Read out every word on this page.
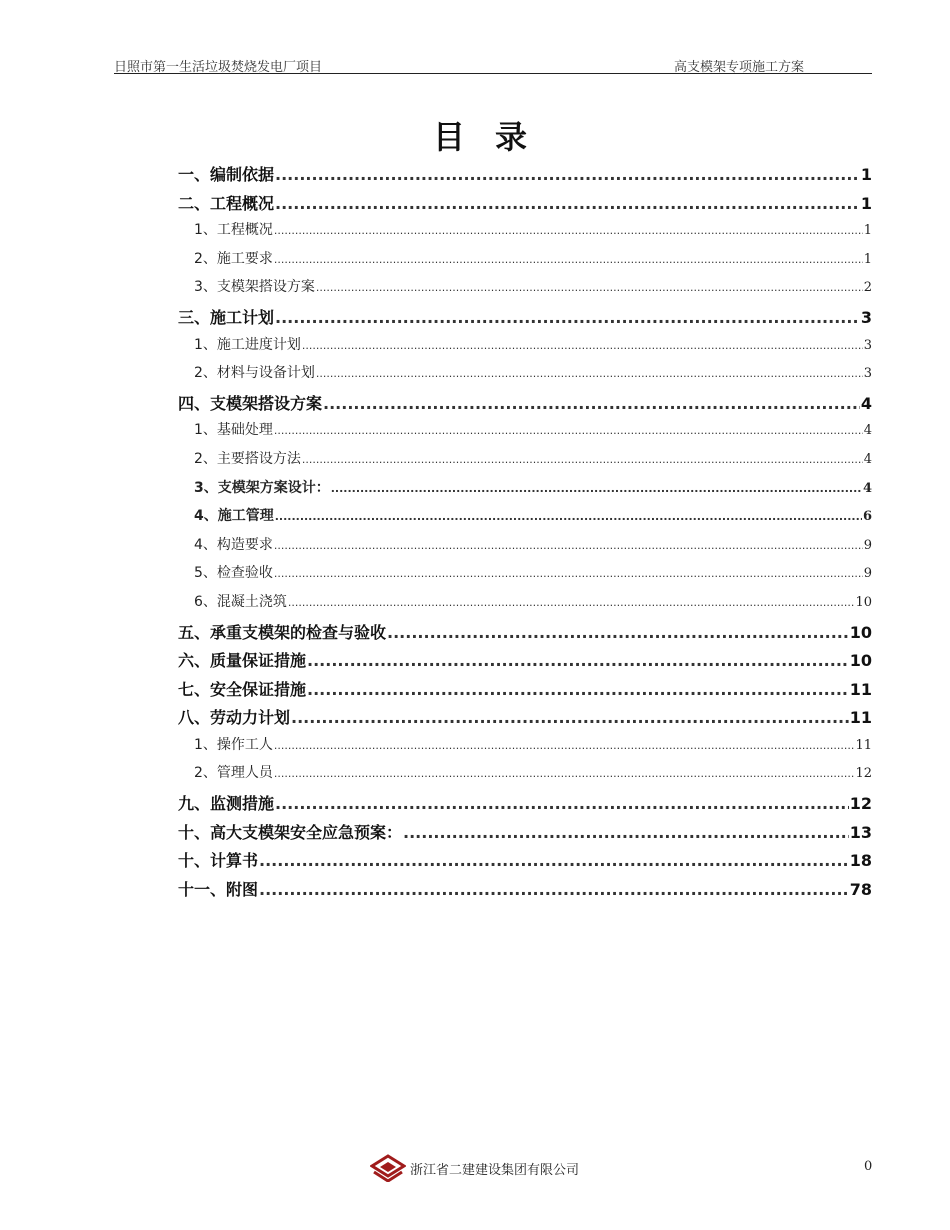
日照市第一生活垃圾焚烧发电厂项目	高支模架专项施工方案
目录
一、编制依据 .....	1
二、工程概况 .....	1
1、工程概况 .....	1
2、施工要求 .....	1
3、支模架搭设方案 .....	2
三、施工计划 .....	3
1、施工进度计划 .....	3
2、材料与设备计划 .....	3
四、支模架搭设方案 .....	4
1、基础处理 .....	4
2、主要搭设方法 .....	4
3、支模架方案设计： .....	4
4、施工管理 .....	6
4、构造要求 .....	9
5、检查验收 .....	9
6、混凝土浇筑 .....	10
五、承重支模架的检查与验收 .....	10
六、质量保证措施 .....	10
七、安全保证措施 .....	11
八、劳动力计划 .....	11
1、操作工人 .....	11
2、管理人员 .....	12
九、监测措施 .....	12
十、高大支模架安全应急预案： .....	13
十、计算书 .....	18
十一、附图 .....	78
浙江省二建建设集团有限公司	0
